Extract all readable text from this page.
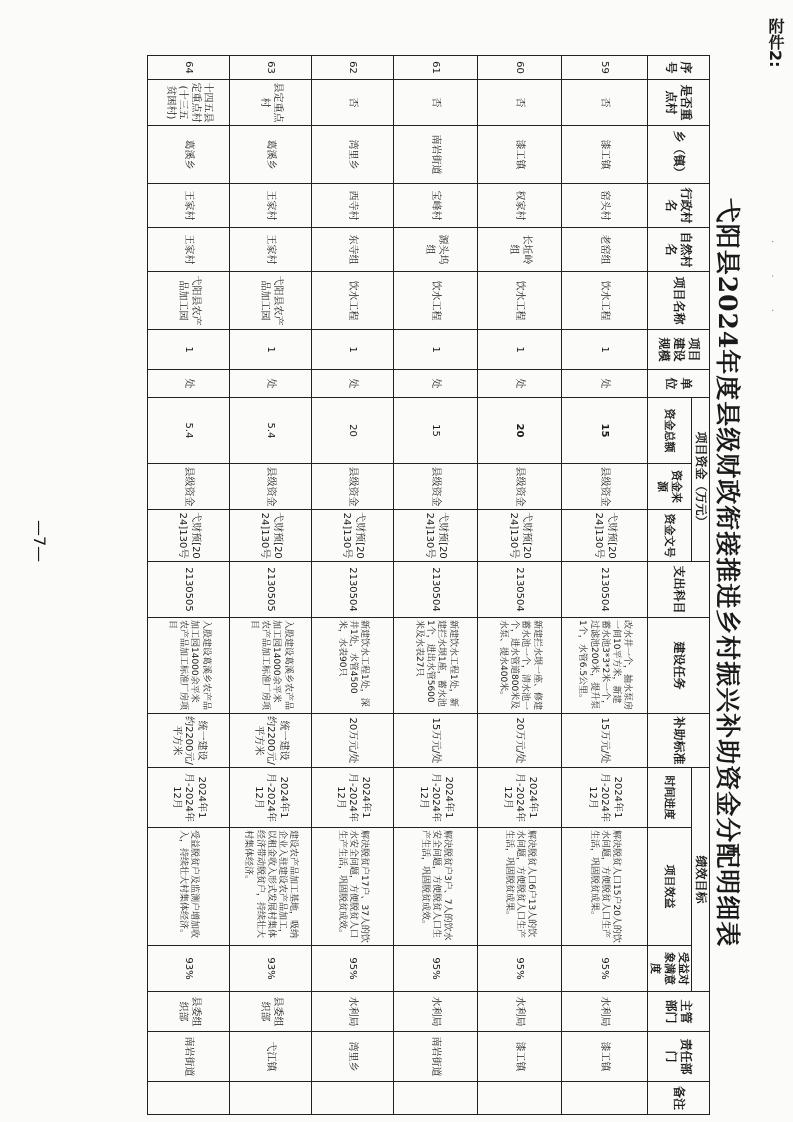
附件2:
· · ·
—7—	弋阳县2024年度县级财政衔接推进乡村振兴补助资金分配明细表
序号	是否重点村	乡（镇）	行政村名	自然村名	项目名称	项目建设规模	单位	项目资金（万元）			支出科目	建设任务	补助标准	绩效目标			主管部门	责任部门	备注
								资金总额	资金来源	资金文号				时间进度	项目效益	受益对象满意度			
59	否	漆工镇	窑头村	老窑组	饮水工程	1	处	15	县级资金	弋财预[2024]130号	2130504	改水井一个，抽水泵房一间10平方米，新建蓄水池3*3*2米一个，过滤池200米，提升泵1个，水管6.5公里。	15万元/处	2024年1月-2024年12月	解决脱贫人口15户20人的饮水问题，方便脱贫人口生产生活，巩固脱贫成果。	95%	水利局	漆工镇	
60	否	漆工镇	权家村	长坵岭组	饮水工程	1	处	20	县级资金	弋财预[2024]130号	2130504	新建拦水坝一座、修建蓄水池一个，清水池一个，进水管道800米及水泵、提水400米。	20万元/处	2024年1月-2024年12月	解决脱贫人口6户13人的饮水问题，方便脱贫人口生产生活，巩固脱贫成果。	95%	水利局	漆工镇	
61	否	南岩街道	宝峰村	源头坞组	饮水工程	1	处	15	县级资金	弋财预[2024]130号	2130504	新建饮水工程1处，新建拦水坝1座，蓄水池1个，进出水管5600米及水表27只	15万元/处	2024年1月-2024年12月	解决脱贫户3户、7人的饮水安全问题，方便脱贫人口生产生活，巩固脱贫成效。	95%	水利局	南岩街道	
62	否	湾里乡	西寺村	东寺组	饮水工程	1	处	20	县级资金	弋财预[2024]130号	2130504	新建饮水工程1处，深井1处，水管4500米，水表90只	20万元/处	2024年1月-2024年12月	解决脱贫户17户、37人的饮水安全问题，方便脱贫人口生产生活，巩固脱贫成效。	95%	水利局	湾里乡	
63	县定重点村	葛溪乡	王家村	王家村	弋阳县农产品加工园	1	处	5.4	县级资金	弋财预[2024]130号	2130505	入股建设葛溪乡农产品加工园14000余平米农产品加工标准厂房项目	统一建设约2200元/平方米	2024年1月-2024年12月	建设农产品加工基地，吸纳企业入驻建设农产品加工，以租金收入形式发展村集体经济带动脱贫户，持续壮大村集体经济。	93%	县委组织部	弋江镇	
64	十四五县定重点村(十三五贫困村)	葛溪乡	王家村	王家村	弋阳县农产品加工园	1	处	5.4	县级资金	弋财预[2024]130号	2130505	入股建设葛溪乡农产品加工园14000余平米农产品加工标准厂房项目	统一建设约2200元/平方米	2024年1月-2024年12月	受益脱贫户及监测户增加收入，持续壮大村集体经济。	93%	县委组织部	南岩街道	
